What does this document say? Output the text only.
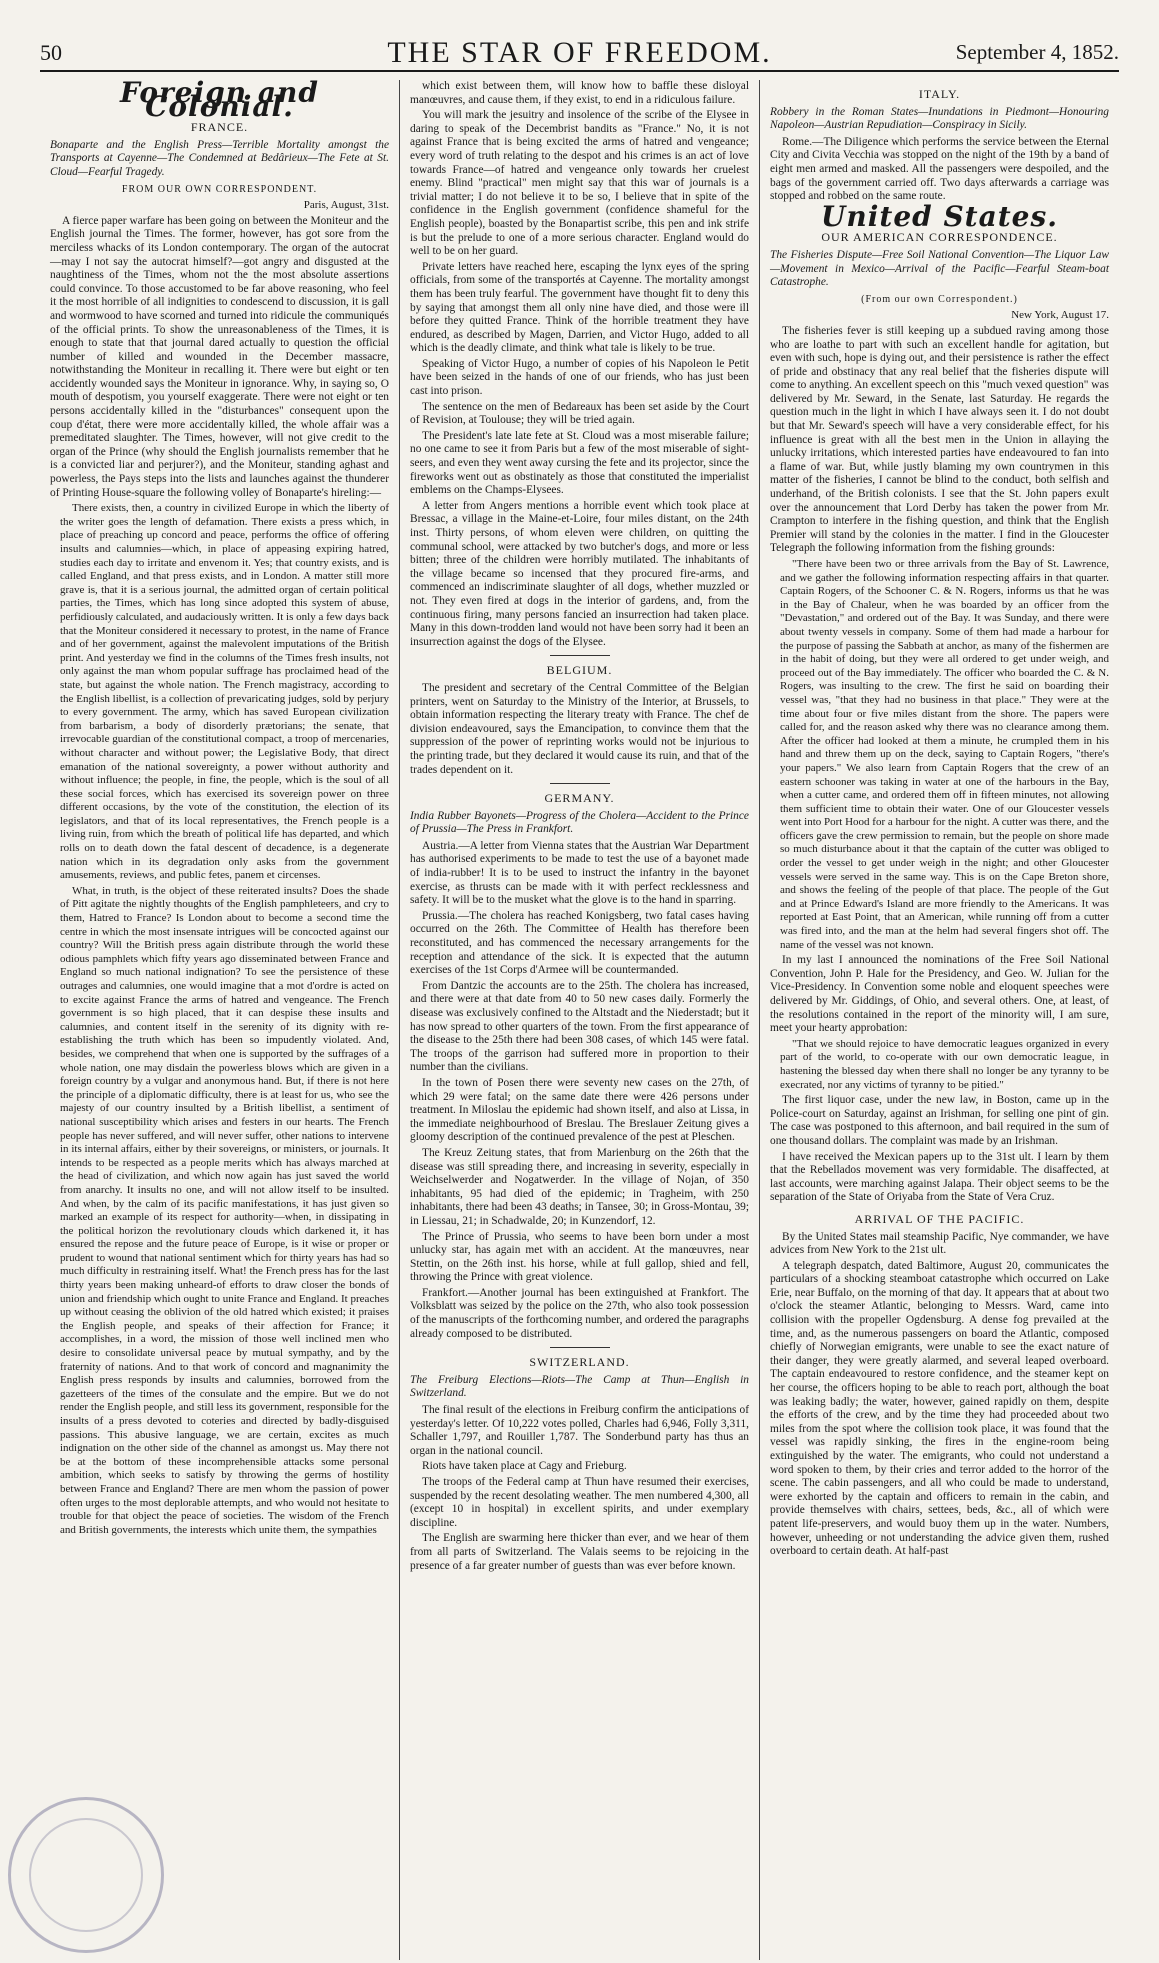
50	THE STAR OF FREEDOM.	September 4, 1852.
Foreign and Colonial.
FRANCE.

Bonaparte and the English Press—Terrible Mortality amongst the Transports at Cayenne—The Condemned at Bedârieux—The Fete at St. Cloud—Fearful Tragedy.

FROM OUR OWN CORRESPONDENT.
Paris, August, 31st.

A fierce paper warfare has been going on between the Moniteur and the English journal the Times. The former, however, has got sore from the merciless whacks of its London contemporary. The organ of the autocrat—may I not say the autocrat himself?—got angry and disgusted at the naughtiness of the Times, whom not the the most absolute assertions could convince. To those accustomed to be far above reasoning, who feel it the most horrible of all indignities to condescend to discussion, it is gall and wormwood to have scorned and turned into ridicule the communiqués of the official prints. To show the unreasonableness of the Times, it is enough to state that that journal dared actually to question the official number of killed and wounded in the December massacre, notwithstanding the Moniteur in recalling it. There were but eight or ten accidently wounded says the Moniteur in ignorance. Why, in saying so, O mouth of despotism, you yourself exaggerate. There were not eight or ten persons accidentally killed in the "disturbances" consequent upon the coup d'état, there were more accidentally killed, the whole affair was a premeditated slaughter. The Times, however, will not give credit to the organ of the Prince (why should the English journalists remember that he is a convicted liar and perjurer?), and the Moniteur, standing aghast and powerless, the Pays steps into the lists and launches against the thunderer of Printing House-square the following volley of Bonaparte's hireling:—

There exists, then, a country in civilized Europe in which the liberty of the writer goes the length of defamation. There exists a press which, in place of preaching up concord and peace, performs the office of offering insults and calumnies—which, in place of appeasing expiring hatred, studies each day to irritate and envenom it. Yes; that country exists, and is called England, and that press exists, and in London. A matter still more grave is, that it is a serious journal, the admitted organ of certain political parties, the Times, which has long since adopted this system of abuse, perfidiously calculated, and audaciously written. It is only a few days back that the Moniteur considered it necessary to protest, in the name of France and of her government, against the malevolent imputations of the British print. And yesterday we find in the columns of the Times fresh insults, not only against the man whom popular suffrage has proclaimed head of the state, but against the whole nation. The French magistracy, according to the English libellist, is a collection of prevaricating judges, sold by perjury to every government. The army, which has saved European civilization from barbarism, a body of disorderly prætorians; the senate, that irrevocable guardian of the constitutional compact, a troop of mercenaries, without character and without power; the Legislative Body, that direct emanation of the national sovereignty, a power without authority and without influence; the people, in fine, the people, which is the soul of all these social forces, which has exercised its sovereign power on three different occasions, by the vote of the constitution, the election of its legislators, and that of its local representatives, the French people is a living ruin, from which the breath of political life has departed, and which rolls on to death down the fatal descent of decadence, is a degenerate nation which in its degradation only asks from the government amusements, reviews, and public fetes, panem et circenses.

What, in truth, is the object of these reiterated insults? Does the shade of Pitt agitate the nightly thoughts of the English pamphleteers, and cry to them, Hatred to France? Is London about to become a second time the centre in which the most insensate intrigues will be concocted against our country? Will the British press again distribute through the world these odious pamphlets which fifty years ago disseminated between France and England so much national indignation? To see the persistence of these outrages and calumnies, one would imagine that a mot d'ordre is acted on to excite against France the arms of hatred and vengeance. The French government is so high placed, that it can despise these insults and calumnies, and content itself in the serenity of its dignity with re-establishing the truth which has been so impudently violated. And, besides, we comprehend that when one is supported by the suffrages of a whole nation, one may disdain the powerless blows which are given in a foreign country by a vulgar and anonymous hand. But, if there is not here the principle of a diplomatic difficulty, there is at least for us, who see the majesty of our country insulted by a British libellist, a sentiment of national susceptibility which arises and festers in our hearts. The French people has never suffered, and will never suffer, other nations to intervene in its internal affairs, either by their sovereigns, or ministers, or journals. It intends to be respected as a people merits which has always marched at the head of civilization, and which now again has just saved the world from anarchy. It insults no one, and will not allow itself to be insulted. And when, by the calm of its pacific manifestations, it has just given so marked an example of its respect for authority—when, in dissipating in the political horizon the revolutionary clouds which darkened it, it has ensured the repose and the future peace of Europe, is it wise or proper or prudent to wound that national sentiment which for thirty years has had so much difficulty in restraining itself. What! the French press has for the last thirty years been making unheard-of efforts to draw closer the bonds of union and friendship which ought to unite France and England. It preaches up without ceasing the oblivion of the old hatred which existed; it praises the English people, and speaks of their affection for France; it accomplishes, in a word, the mission of those well inclined men who desire to consolidate universal peace by mutual sympathy, and by the fraternity of nations. And to that work of concord and magnanimity the English press responds by insults and calumnies, borrowed from the gazetteers of the times of the consulate and the empire. But we do not render the English people, and still less its government, responsible for the insults of a press devoted to coteries and directed by badly-disguised passions. This abusive language, we are certain, excites as much indignation on the other side of the channel as amongst us. May there not be at the bottom of these incomprehensible attacks some personal ambition, which seeks to satisfy by throwing the germs of hostility between France and England? There are men whom the passion of power often urges to the most deplorable attempts, and who would not hesitate to trouble for that object the peace of societies. The wisdom of the French and British governments, the interests which unite them, the sympathies

which exist between them, will know how to baffle these disloyal manœuvres, and cause them, if they exist, to end in a ridiculous failure.

You will mark the jesuitry and insolence of the scribe of the Elysee in daring to speak of the Decembrist bandits as "France." No, it is not against France that is being excited the arms of hatred and vengeance; every word of truth relating to the despot and his crimes is an act of love towards France—of hatred and vengeance only towards her cruelest enemy. Blind "practical" men might say that this war of journals is a trivial matter; I do not believe it to be so, I believe that in spite of the confidence in the English government (confidence shameful for the English people), boasted by the Bonapartist scribe, this pen and ink strife is but the prelude to one of a more serious character. England would do well to be on her guard.

Private letters have reached here, escaping the lynx eyes of the spring officials, from some of the transportés at Cayenne. The mortality amongst them has been truly fearful. The government have thought fit to deny this by saying that amongst them all only nine have died, and those were ill before they quitted France. Think of the horrible treatment they have endured, as described by Magen, Darrien, and Victor Hugo, added to all which is the deadly climate, and think what tale is likely to be true.

Speaking of Victor Hugo, a number of copies of his Napoleon le Petit have been seized in the hands of one of our friends, who has just been cast into prison.

The sentence on the men of Bedareaux has been set aside by the Court of Revision, at Toulouse; they will be tried again.

The President's late late fete at St. Cloud was a most miserable failure; no one came to see it from Paris but a few of the most miserable of sight-seers, and even they went away cursing the fete and its projector, since the fireworks went out as obstinately as those that constituted the imperialist emblems on the Champs-Elysees.

A letter from Angers mentions a horrible event which took place at Bressac, a village in the Maine-et-Loire, four miles distant, on the 24th inst. Thirty persons, of whom eleven were children, on quitting the communal school, were attacked by two butcher's dogs, and more or less bitten; three of the children were horribly mutilated. The inhabitants of the village became so incensed that they procured fire-arms, and commenced an indiscriminate slaughter of all dogs, whether muzzled or not. They even fired at dogs in the interior of gardens, and, from the continuous firing, many persons fancied an insurrection had taken place. Many in this down-trodden land would not have been sorry had it been an insurrection against the dogs of the Elysee.

BELGIUM.

The president and secretary of the Central Committee of the Belgian printers, went on Saturday to the Ministry of the Interior, at Brussels, to obtain information respecting the literary treaty with France. The chef de division endeavoured, says the Emancipation, to convince them that the suppression of the power of reprinting works would not be injurious to the printing trade, but they declared it would cause its ruin, and that of the trades dependent on it.

GERMANY.

India Rubber Bayonets—Progress of the Cholera—Accident to the Prince of Prussia—The Press in Frankfort.

Austria.—A letter from Vienna states that the Austrian War Department has authorised experiments to be made to test the use of a bayonet made of india-rubber! It is to be used to instruct the infantry in the bayonet exercise, as thrusts can be made with it with perfect recklessness and safety. It will be to the musket what the glove is to the hand in sparring.

Prussia.—The cholera has reached Konigsberg, two fatal cases having occurred on the 26th. The Committee of Health has therefore been reconstituted, and has commenced the necessary arrangements for the reception and attendance of the sick. It is expected that the autumn exercises of the 1st Corps d'Armee will be countermanded.

From Dantzic the accounts are to the 25th. The cholera has increased, and there were at that date from 40 to 50 new cases daily. Formerly the disease was exclusively confined to the Altstadt and the Niederstadt; but it has now spread to other quarters of the town. From the first appearance of the disease to the 25th there had been 308 cases, of which 145 were fatal. The troops of the garrison had suffered more in proportion to their number than the civilians.

In the town of Posen there were seventy new cases on the 27th, of which 29 were fatal; on the same date there were 426 persons under treatment. In Miloslau the epidemic had shown itself, and also at Lissa, in the immediate neighbourhood of Breslau. The Breslauer Zeitung gives a gloomy description of the continued prevalence of the pest at Pleschen.

The Kreuz Zeitung states, that from Marienburg on the 26th that the disease was still spreading there, and increasing in severity, especially in Weichselwerder and Nogatwerder. In the village of Nojan, of 350 inhabitants, 95 had died of the epidemic; in Tragheim, with 250 inhabitants, there had been 43 deaths; in Tansee, 30; in Gross-Montau, 39; in Liessau, 21; in Schadwalde, 20; in Kunzendorf, 12.

The Prince of Prussia, who seems to have been born under a most unlucky star, has again met with an accident. At the manœuvres, near Stettin, on the 26th inst. his horse, while at full gallop, shied and fell, throwing the Prince with great violence.

Frankfort.—Another journal has been extinguished at Frankfort. The Volksblatt was seized by the police on the 27th, who also took possession of the manuscripts of the forthcoming number, and ordered the paragraphs already composed to be distributed.

SWITZERLAND.

The Freiburg Elections—Riots—The Camp at Thun—English in Switzerland.

The final result of the elections in Freiburg confirm the anticipations of yesterday's letter. Of 10,222 votes polled, Charles had 6,946, Folly 3,311, Schaller 1,797, and Rouiller 1,787. The Sonderbund party has thus an organ in the national council.

Riots have taken place at Cagy and Frieburg.

The troops of the Federal camp at Thun have resumed their exercises, suspended by the recent desolating weather. The men numbered 4,300, all (except 10 in hospital) in excellent spirits, and under exemplary discipline.

The English are swarming here thicker than ever, and we hear of them from all parts of Switzerland. The Valais seems to be rejoicing in the presence of a far greater number of guests than was ever before known.

ITALY.

Robbery in the Roman States—Inundations in Piedmont—Honouring Napoleon—Austrian Repudiation—Conspiracy in Sicily.

Rome.—The Diligence which performs the service between the Eternal City and Civita Vecchia was stopped on the night of the 19th by a band of eight men armed and masked. All the passengers were despoiled, and the bags of the government carried off. Two days afterwards a carriage was stopped and robbed on the same route.

United States.
OUR AMERICAN CORRESPONDENCE.

The Fisheries Dispute—Free Soil National Convention—The Liquor Law—Movement in Mexico—Arrival of the Pacific—Fearful Steam-boat Catastrophe.

(From our own Correspondent.)
New York, August 17.

The fisheries fever is still keeping up a subdued raving among those who are loathe to part with such an excellent handle for agitation, but even with such, hope is dying out, and their persistence is rather the effect of pride and obstinacy that any real belief that the fisheries dispute will come to anything. An excellent speech on this "much vexed question" was delivered by Mr. Seward, in the Senate, last Saturday. He regards the question much in the light in which I have always seen it. I do not doubt but that Mr. Seward's speech will have a very considerable effect, for his influence is great with all the best men in the Union in allaying the unlucky irritations, which interested parties have endeavoured to fan into a flame of war. But, while justly blaming my own countrymen in this matter of the fisheries, I cannot be blind to the conduct, both selfish and underhand, of the British colonists. I see that the St. John papers exult over the announcement that Lord Derby has taken the power from Mr. Crampton to interfere in the fishing question, and think that the English Premier will stand by the colonies in the matter. I find in the Gloucester Telegraph the following information from the fishing grounds:

"There have been two or three arrivals from the Bay of St. Lawrence, and we gather the following information respecting affairs in that quarter. Captain Rogers, of the Schooner C. & N. Rogers, informs us that he was in the Bay of Chaleur, when he was boarded by an officer from the "Devastation," and ordered out of the Bay. It was Sunday, and there were about twenty vessels in company. Some of them had made a harbour for the purpose of passing the Sabbath at anchor, as many of the fishermen are in the habit of doing, but they were all ordered to get under weigh, and proceed out of the Bay immediately. The officer who boarded the C. & N. Rogers, was insulting to the crew. The first he said on boarding their vessel was, "that they had no business in that place." They were at the time about four or five miles distant from the shore. The papers were called for, and the reason asked why there was no clearance among them. After the officer had looked at them a minute, he crumpled them in his hand and threw them up on the deck, saying to Captain Rogers, "there's your papers." We also learn from Captain Rogers that the crew of an eastern schooner was taking in water at one of the harbours in the Bay, when a cutter came, and ordered them off in fifteen minutes, not allowing them sufficient time to obtain their water. One of our Gloucester vessels went into Port Hood for a harbour for the night. A cutter was there, and the officers gave the crew permission to remain, but the people on shore made so much disturbance about it that the captain of the cutter was obliged to order the vessel to get under weigh in the night; and other Gloucester vessels were served in the same way. This is on the Cape Breton shore, and shows the feeling of the people of that place. The people of the Gut and at Prince Edward's Island are more friendly to the Americans. It was reported at East Point, that an American, while running off from a cutter was fired into, and the man at the helm had several fingers shot off. The name of the vessel was not known.

In my last I announced the nominations of the Free Soil National Convention, John P. Hale for the Presidency, and Geo. W. Julian for the Vice-Presidency. In Convention some noble and eloquent speeches were delivered by Mr. Giddings, of Ohio, and several others. One, at least, of the resolutions contained in the report of the minority will, I am sure, meet your hearty approbation:

"That we should rejoice to have democratic leagues organized in every part of the world, to co-operate with our own democratic league, in hastening the blessed day when there shall no longer be any tyranny to be execrated, nor any victims of tyranny to be pitied."

The first liquor case, under the new law, in Boston, came up in the Police-court on Saturday, against an Irishman, for selling one pint of gin. The case was postponed to this afternoon, and bail required in the sum of one thousand dollars. The complaint was made by an Irishman.

I have received the Mexican papers up to the 31st ult. I learn by them that the Rebellados movement was very formidable. The disaffected, at last accounts, were marching against Jalapa. Their object seems to be the separation of the State of Oriyaba from the State of Vera Cruz.

ARRIVAL OF THE PACIFIC.

By the United States mail steamship Pacific, Nye commander, we have advices from New York to the 21st ult.

A telegraph despatch, dated Baltimore, August 20, communicates the particulars of a shocking steamboat catastrophe which occurred on Lake Erie, near Buffalo, on the morning of that day. It appears that at about two o'clock the steamer Atlantic, belonging to Messrs. Ward, came into collision with the propeller Ogdensburg. A dense fog prevailed at the time, and, as the numerous passengers on board the Atlantic, composed chiefly of Norwegian emigrants, were unable to see the exact nature of their danger, they were greatly alarmed, and several leaped overboard. The captain endeavoured to restore confidence, and the steamer kept on her course, the officers hoping to be able to reach port, although the boat was leaking badly; the water, however, gained rapidly on them, despite the efforts of the crew, and by the time they had proceeded about two miles from the spot where the collision took place, it was found that the vessel was rapidly sinking, the fires in the engine-room being extinguished by the water. The emigrants, who could not understand a word spoken to them, by their cries and terror added to the horror of the scene. The cabin passengers, and all who could be made to understand, were exhorted by the captain and officers to remain in the cabin, and provide themselves with chairs, settees, beds, &c., all of which were patent life-preservers, and would buoy them up in the water. Numbers, however, unheeding or not understanding the advice given them, rushed overboard to certain death. At half-past
